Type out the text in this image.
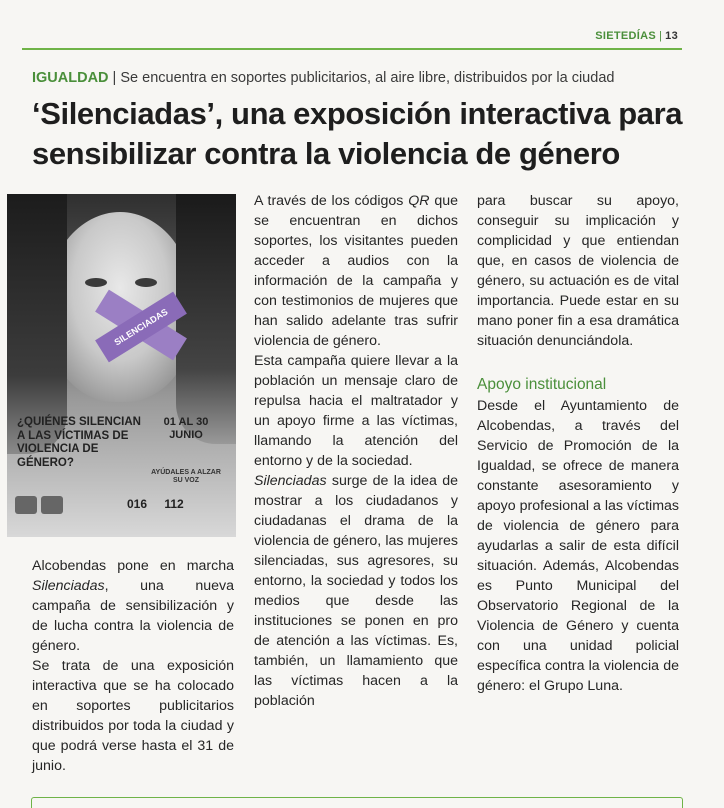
SIETEDÍAS | 13
IGUALDAD | Se encuentra en soportes publicitarios, al aire libre, distribuidos por la ciudad
‘Silenciadas’, una exposición interactiva para sensibilizar contra la violencia de género
SILENCIADAS
¿QUIÉNES SILENCIAN A LAS VÍCTIMAS DE VIOLENCIA DE GÉNERO?
01 AL 30 JUNIO
AYÚDALES A ALZAR SU VOZ
016 112

Alcobendas pone en marcha Silenciadas, una nueva campaña de sensibilización y de lucha contra la violencia de género.

Se trata de una exposición interactiva que se ha colocado en soportes publicitarios distribuidos por toda la ciudad y que podrá verse hasta el 31 de junio.

A través de los códigos QR que se encuentran en dichos soportes, los visitantes pueden acceder a audios con la información de la campaña y con testimonios de mujeres que han salido adelante tras sufrir violencia de género.

Esta campaña quiere llevar a la población un mensaje claro de repulsa hacia el maltratador y un apoyo firme a las víctimas, llamando la atención del entorno y de la sociedad.

Silenciadas surge de la idea de mostrar a los ciudadanos y ciudadanas el drama de la violencia de género, las mujeres silenciadas, sus agresores, su entorno, la sociedad y todos los medios que desde las instituciones se ponen en pro de atención a las víctimas. Es, también, un llamamiento que las víctimas hacen a la población

para buscar su apoyo, conseguir su implicación y complicidad y que entiendan que, en casos de violencia de género, su actuación es de vital importancia. Puede estar en su mano poner fin a esa dramática situación denunciándola.

Apoyo institucional

Desde el Ayuntamiento de Alcobendas, a través del Servicio de Promoción de la Igualdad, se ofrece de manera constante asesoramiento y apoyo profesional a las víctimas de violencia de género para ayudarlas a salir de esta difícil situación. Además, Alcobendas es Punto Municipal del Observatorio Regional de la Violencia de Género y cuenta con una unidad policial específica contra la violencia de género: el Grupo Luna.
